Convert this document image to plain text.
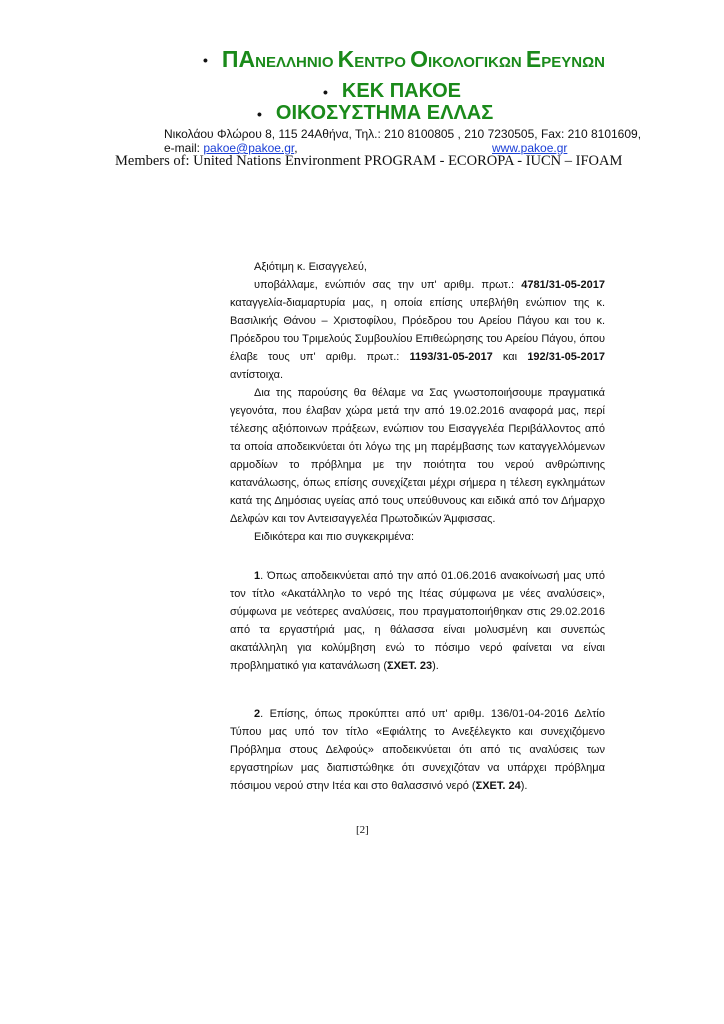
• ΠΑΝΕΛΛΗΝΙΟ ΚΕΝΤΡΟ ΟΙΚΟΛΟΓΙΚΩΝ ΕΡΕΥΝΩΝ
• ΚΕΚ ΠΑΚΟΕ
• ΟΙΚΟΣΥΣΤΗΜΑ ΕΛΛΑΣ
Νικολάου Φλώρου 8, 115 24Αθήνα, Τηλ.: 210 8100805 , 210 7230505, Fax: 210 8101609,
e-mail: pakoe@pakoe.gr,	www.pakoe.gr
Members of: United Nations Environment PROGRAM - ECOROPA - IUCN – IFOAM

Αξιότιμη κ. Εισαγγελεύ,

υποβάλλαμε, ενώπιόν σας την υπ' αριθμ. πρωτ.: 4781/31-05-2017 καταγγελία-διαμαρτυρία μας, η οποία επίσης υπεβλήθη ενώπιον της κ. Βασιλικής Θάνου – Χριστοφίλου, Πρόεδρου του Αρείου Πάγου και του κ. Πρόεδρου του Τριμελούς Συμβουλίου Επιθεώρησης του Αρείου Πάγου, όπου έλαβε τους υπ' αριθμ. πρωτ.: 1193/31-05-2017 και 192/31-05-2017 αντίστοιχα.

Δια της παρούσης θα θέλαμε να Σας γνωστοποιήσουμε πραγματικά γεγονότα, που έλαβαν χώρα μετά την από 19.02.2016 αναφορά μας, περί τέλεσης αξιόποινων πράξεων, ενώπιον του Εισαγγελέα Περιβάλλοντος από τα οποία αποδεικνύεται ότι λόγω της μη παρέμβασης των καταγγελλόμενων αρμοδίων το πρόβλημα με την ποιότητα του νερού ανθρώπινης κατανάλωσης, όπως επίσης συνεχίζεται μέχρι σήμερα η τέλεση εγκλημάτων κατά της Δημόσιας υγείας από τους υπεύθυνους και ειδικά από τον Δήμαρχο Δελφών και τον Αντεισαγγελέα Πρωτοδικών Άμφισσας.

Ειδικότερα και πιο συγκεκριμένα:

1. Όπως αποδεικνύεται από την από 01.06.2016 ανακοίνωσή μας υπό τον τίτλο «Ακατάλληλο το νερό της Ιτέας σύμφωνα με νέες αναλύσεις», σύμφωνα με νεότερες αναλύσεις, που πραγματοποιήθηκαν στις 29.02.2016 από τα εργαστήριά μας, η θάλασσα είναι μολυσμένη και συνεπώς ακατάλληλη για κολύμβηση ενώ το πόσιμο νερό φαίνεται να είναι προβληματικό για κατανάλωση (ΣΧΕΤ. 23).

2. Επίσης, όπως προκύπτει από υπ' αριθμ. 136/01-04-2016 Δελτίο Τύπου μας υπό τον τίτλο «Εφιάλτης το Ανεξέλεγκτο και συνεχιζόμενο Πρόβλημα στους Δελφούς» αποδεικνύεται ότι από τις αναλύσεις των εργαστηρίων μας διαπιστώθηκε ότι συνεχιζόταν να υπάρχει πρόβλημα πόσιμου νερού στην Ιτέα και στο θαλασσινό νερό (ΣΧΕΤ. 24).

[2]
